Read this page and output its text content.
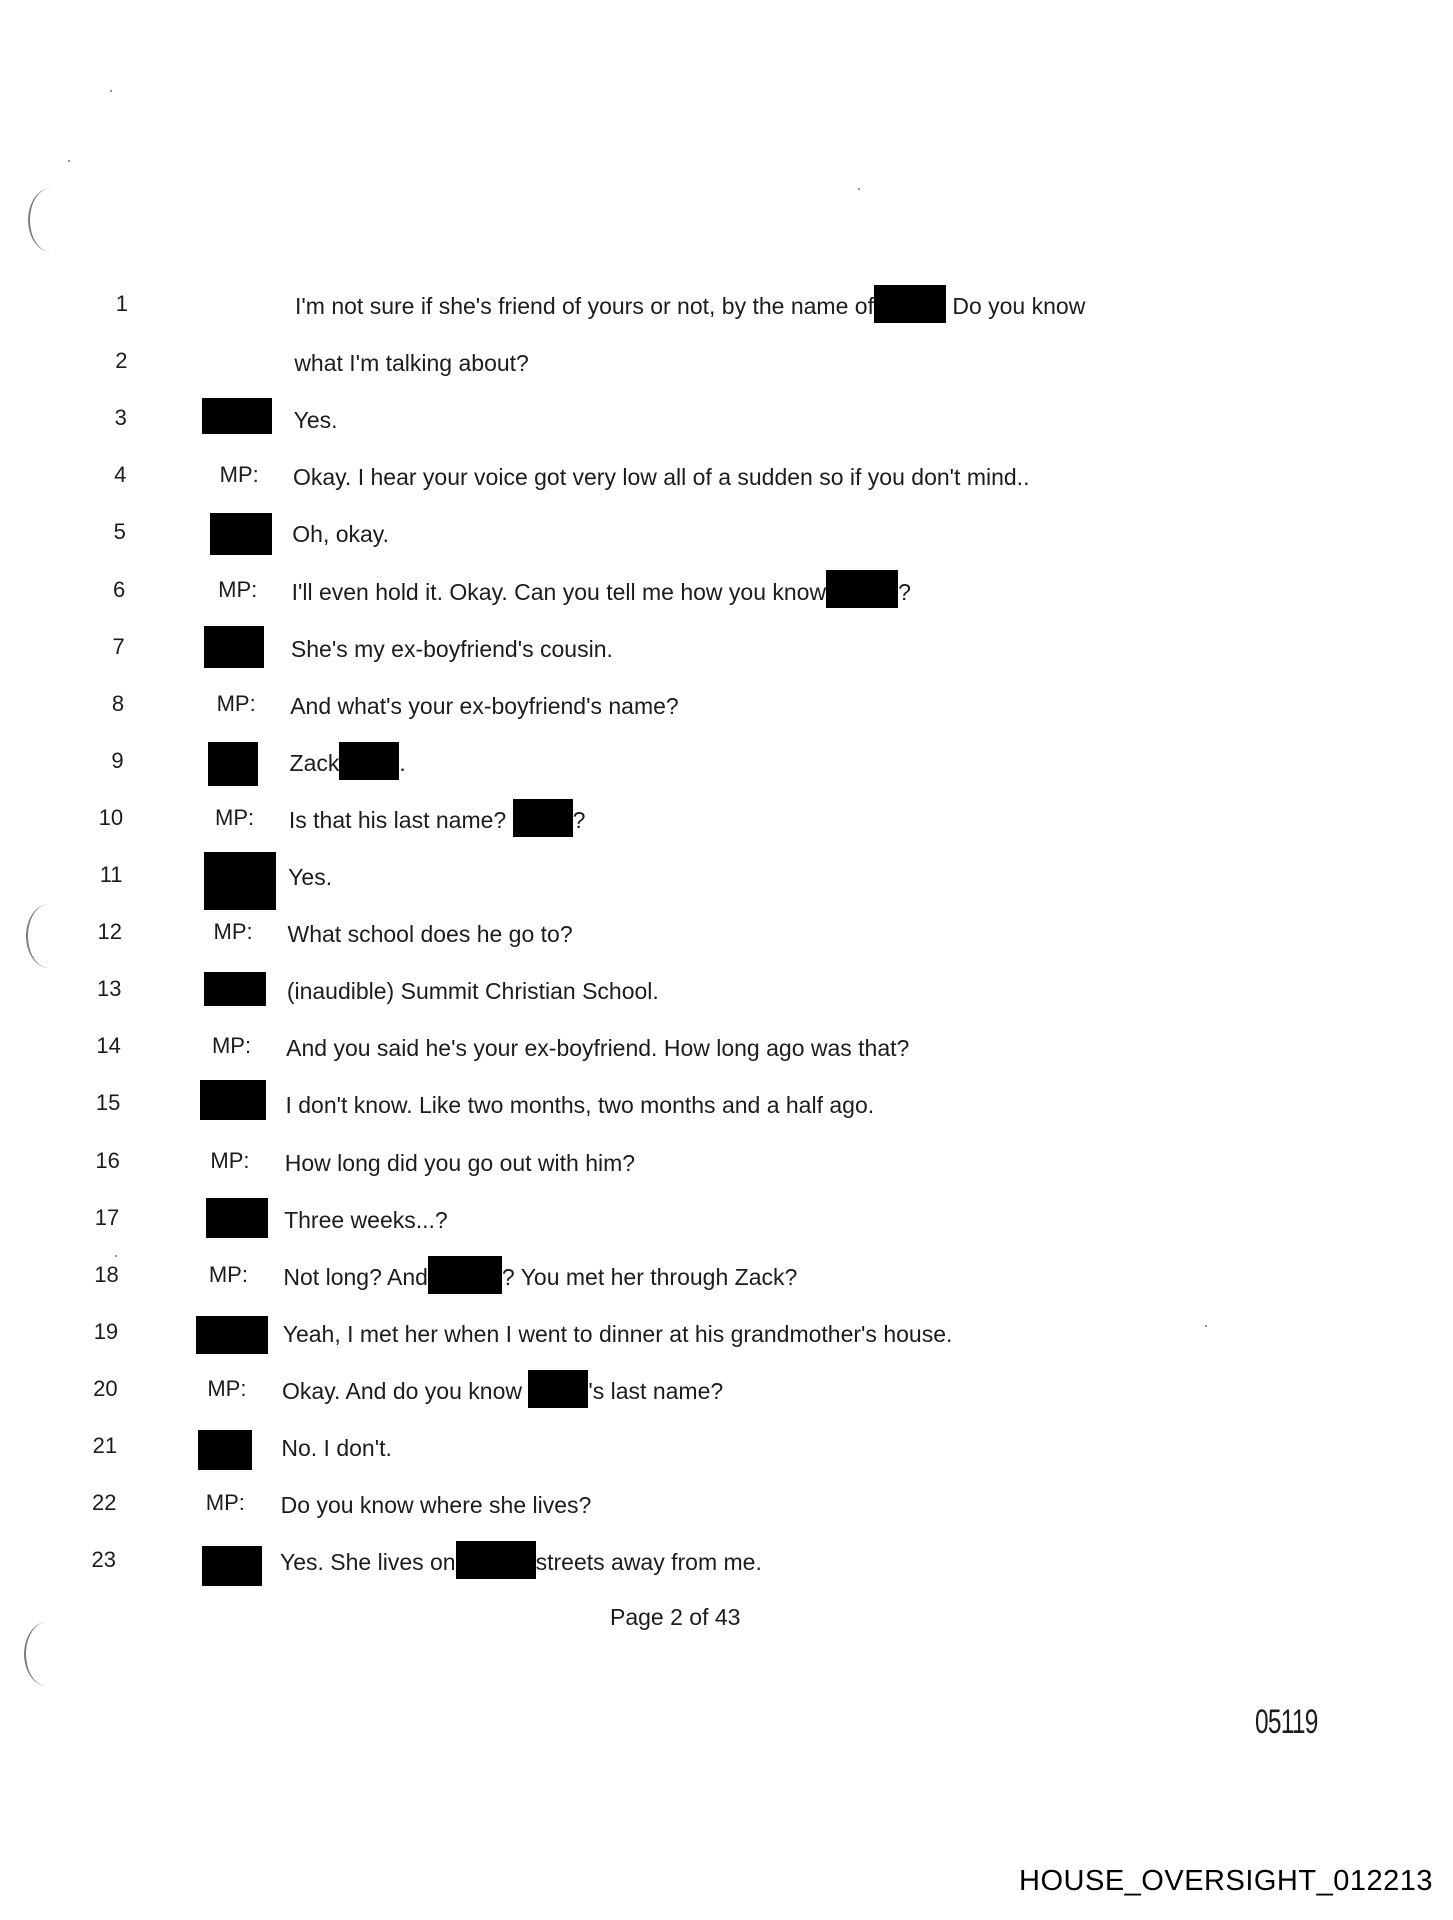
1	I'm not sure if she's friend of yours or not, by the name of	Do you know
2	what I'm talking about?
3	Yes.
4	MP: Okay. I hear your voice got very low all of a sudden so if you don't mind..
5	Oh, okay.
6	MP: I'll even hold it. Okay. Can you tell me how you know	?
7	She's my ex-boyfriend's cousin.
8	MP: And what's your ex-boyfriend's name?
9	Zack	.
10	MP: Is that his last name?	?
11	Yes.
12	MP: What school does he go to?
13	(inaudible) Summit Christian School.
14	MP: And you said he's your ex-boyfriend. How long ago was that?
15	I don't know. Like two months, two months and a half ago.
16	MP: How long did you go out with him?
17	Three weeks...?
18	MP: Not long? And	? You met her through Zack?
19	Yeah, I met her when I went to dinner at his grandmother's house.
20	MP: Okay. And do you know	's last name?
21	No. I don't.
22	MP: Do you know where she lives?
23	Yes. She lives on	streets away from me.
Page 2 of 43
05119
HOUSE_OVERSIGHT_012213
